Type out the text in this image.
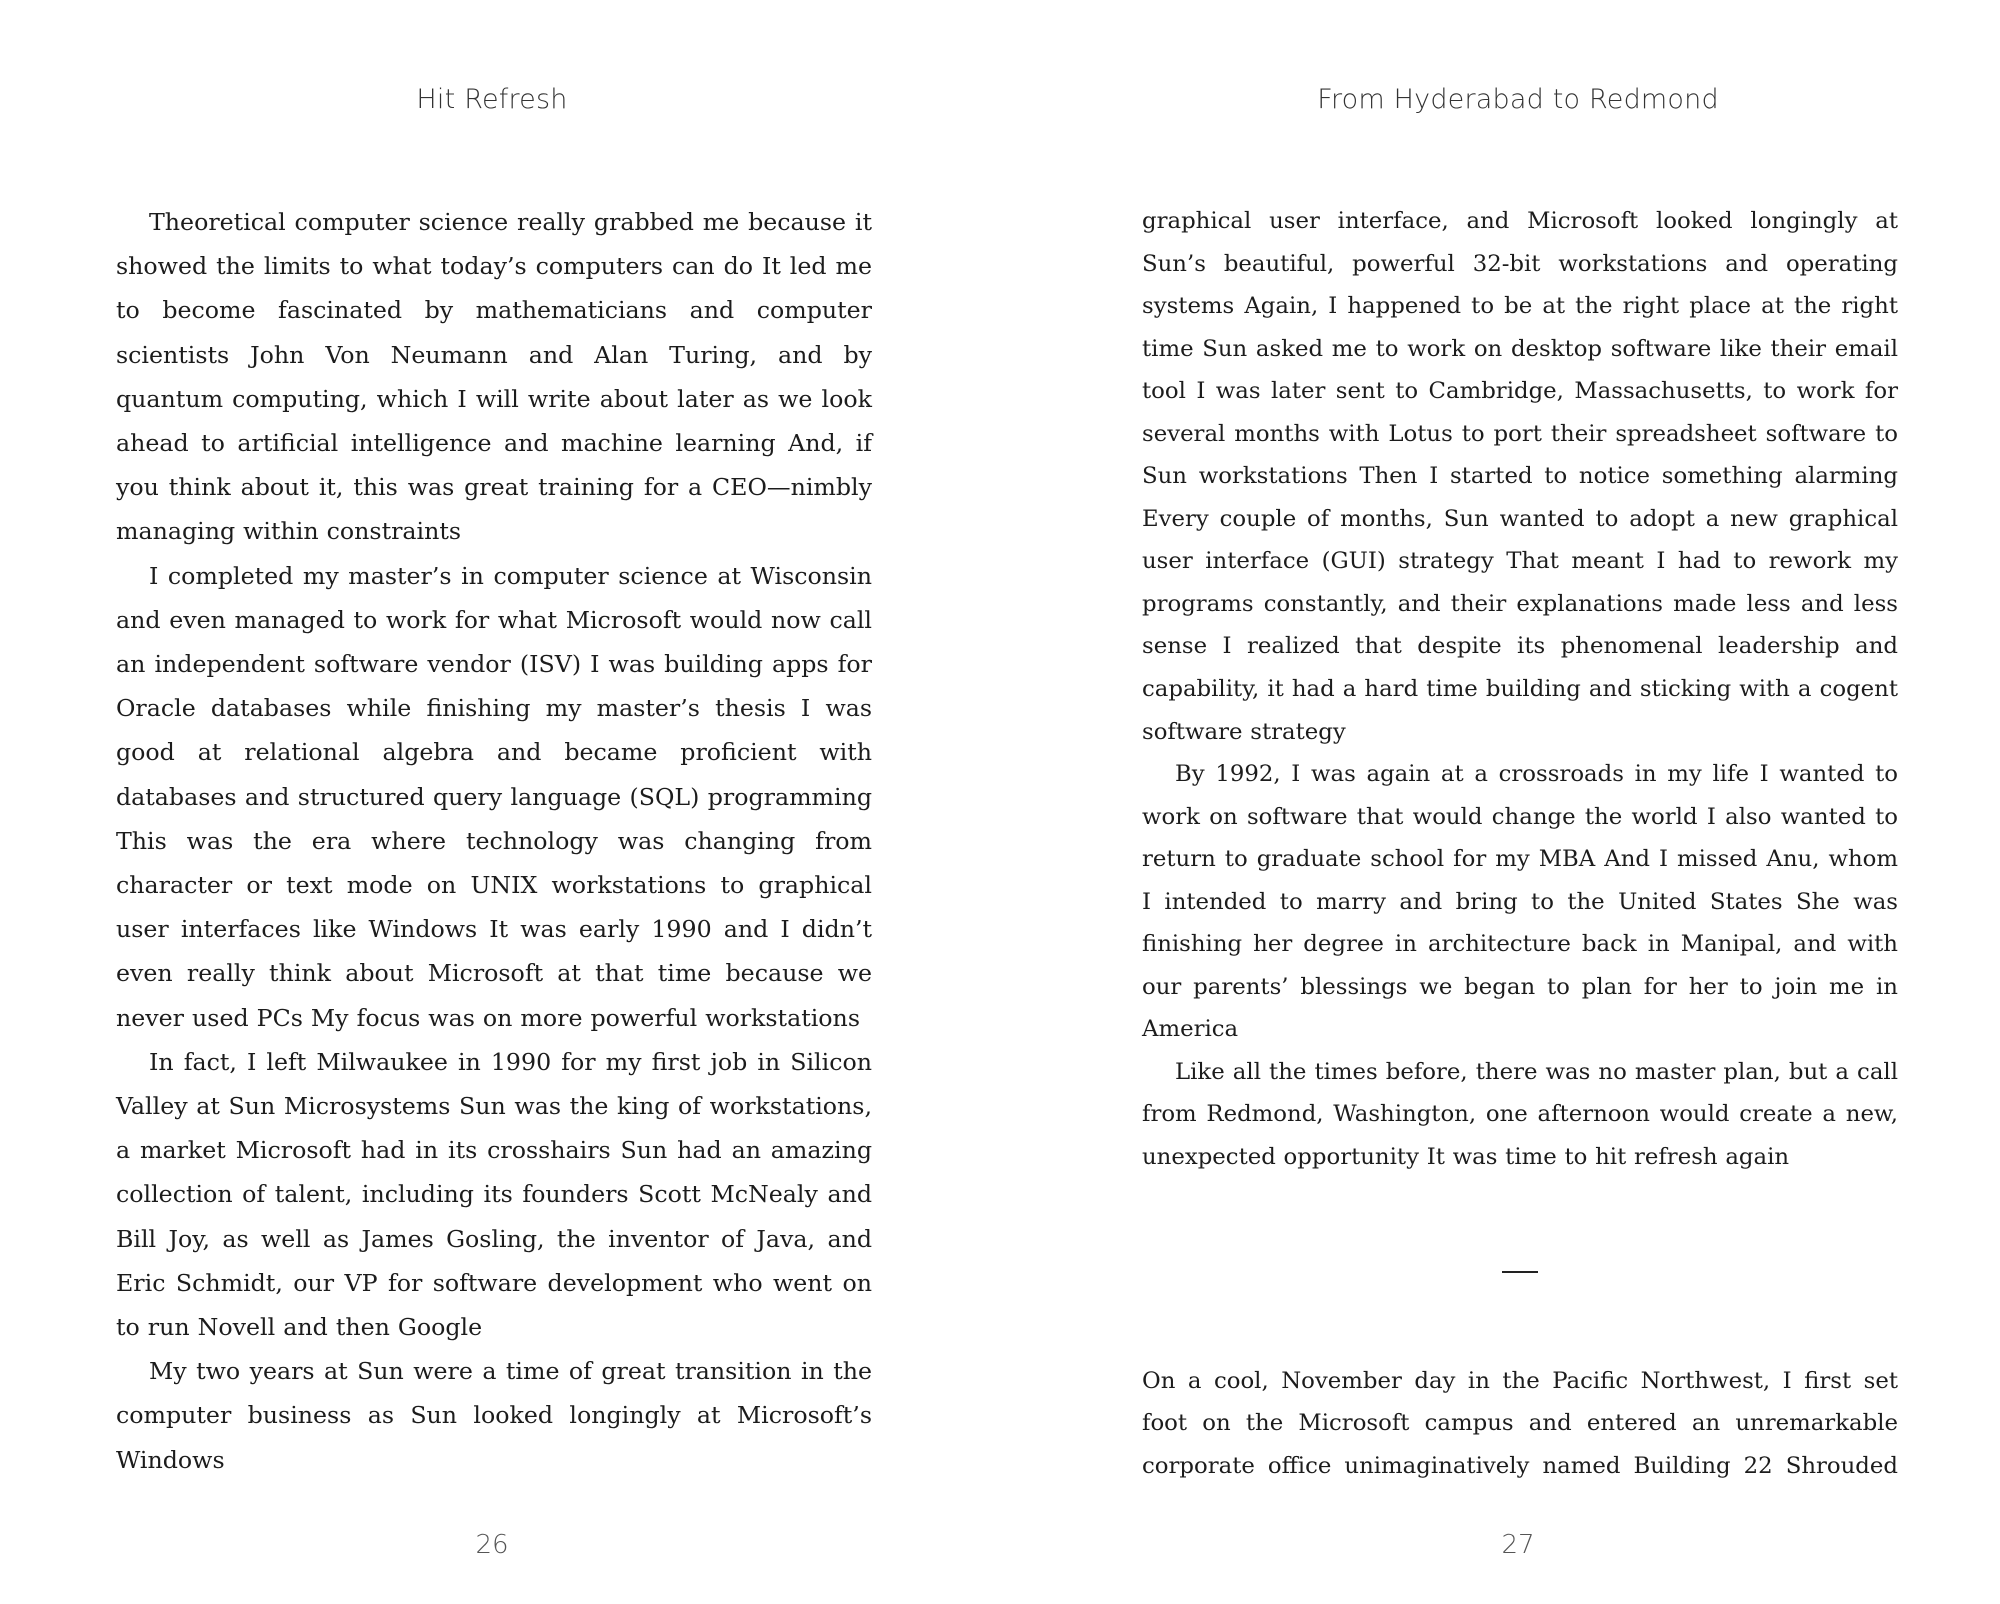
Hit Refresh

Theoretical computer science really grabbed me because it showed the limits to what today’s computers can do It led me to become fascinated by mathematicians and computer scientists John Von Neumann and Alan Turing, and by quantum computing, which I will write about later as we look ahead to artificial intelligence and machine learning And, if you think about it, this was great training for a CEO—nimbly managing within constraints

I completed my master’s in computer science at Wisconsin and even managed to work for what Microsoft would now call an independent software vendor (ISV) I was building apps for Oracle databases while finishing my master’s thesis I was good at relational algebra and became proficient with databases and structured query language (SQL) programming This was the era where technology was changing from character or text mode on UNIX workstations to graphical user interfaces like Windows It was early 1990 and I didn’t even really think about Microsoft at that time because we never used PCs My focus was on more powerful workstations

In fact, I left Milwaukee in 1990 for my first job in Silicon Valley at Sun Microsystems Sun was the king of workstations, a market Microsoft had in its crosshairs Sun had an amazing collection of talent, including its founders Scott McNealy and Bill Joy, as well as James Gosling, the inventor of Java, and Eric Schmidt, our VP for software development who went on to run Novell and then Google

My two years at Sun were a time of great transition in the computer business as Sun looked longingly at Microsoft’s Windows

26
From Hyderabad to Redmond

graphical user interface, and Microsoft looked longingly at Sun’s beautiful, powerful 32-bit workstations and operating systems Again, I happened to be at the right place at the right time Sun asked me to work on desktop software like their email tool I was later sent to Cambridge, Massachusetts, to work for several months with Lotus to port their spreadsheet software to Sun workstations Then I started to notice something alarming Every couple of months, Sun wanted to adopt a new graphical user interface (GUI) strategy That meant I had to rework my programs constantly, and their explanations made less and less sense I realized that despite its phenomenal leadership and capability, it had a hard time building and sticking with a cogent software strategy

By 1992, I was again at a crossroads in my life I wanted to work on software that would change the world I also wanted to return to graduate school for my MBA And I missed Anu, whom I intended to marry and bring to the United States She was finishing her degree in architecture back in Manipal, and with our parents’ blessings we began to plan for her to join me in America

Like all the times before, there was no master plan, but a call from Redmond, Washington, one afternoon would create a new, unexpected opportunity It was time to hit refresh again

On a cool, November day in the Pacific Northwest, I first set foot on the Microsoft campus and entered an unremarkable corporate office unimaginatively named Building 22 Shrouded

27
